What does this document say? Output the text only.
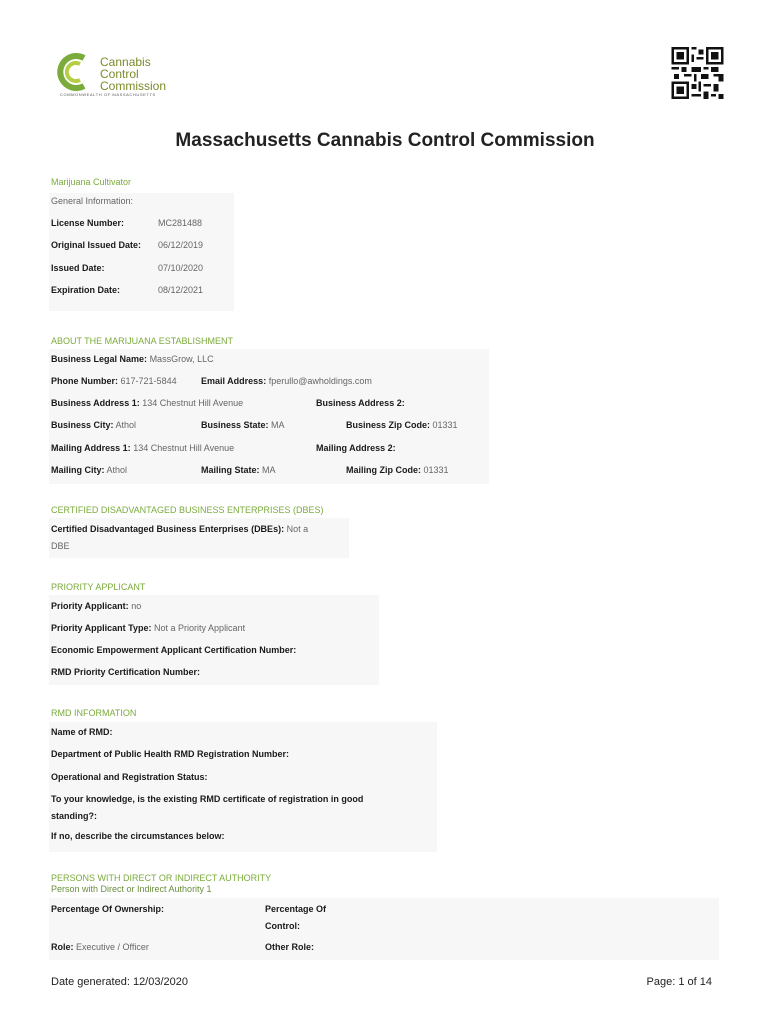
Cannabis
Control
Commission
COMMONWEALTH OF MASSACHUSETTS
Massachusetts Cannabis Control Commission
Marijuana Cultivator
General Information:
License Number:	MC281488
Original Issued Date: 06/12/2019
Issued Date:	07/10/2020
Expiration Date:	08/12/2021
ABOUT THE MARIJUANA ESTABLISHMENT
Business Legal Name: MassGrow, LLC
Phone Number: 617-721-5844	Email Address: fperullo@awholdings.com
Business Address 1: 134 Chestnut Hill Avenue	Business Address 2:
Business City: Athol	Business State: MA	Business Zip Code: 01331
Mailing Address 1: 134 Chestnut Hill Avenue	Mailing Address 2:
Mailing City: Athol	Mailing State: MA	Mailing Zip Code: 01331
CERTIFIED DISADVANTAGED BUSINESS ENTERPRISES (DBES)
Certified Disadvantaged Business Enterprises (DBEs): Not a
DBE
PRIORITY APPLICANT
Priority Applicant: no
Priority Applicant Type: Not a Priority Applicant
Economic Empowerment Applicant Certification Number:
RMD Priority Certification Number:
RMD INFORMATION
Name of RMD:
Department of Public Health RMD Registration Number:
Operational and Registration Status:
To your knowledge, is the existing RMD certificate of registration in good
standing?:
If no, describe the circumstances below:
PERSONS WITH DIRECT OR INDIRECT AUTHORITY
Person with Direct or Indirect Authority 1
Percentage Of Ownership:	Percentage Of
Control:
Role: Executive / Officer	Other Role:
Date generated: 12/03/2020	Page: 1 of 14
